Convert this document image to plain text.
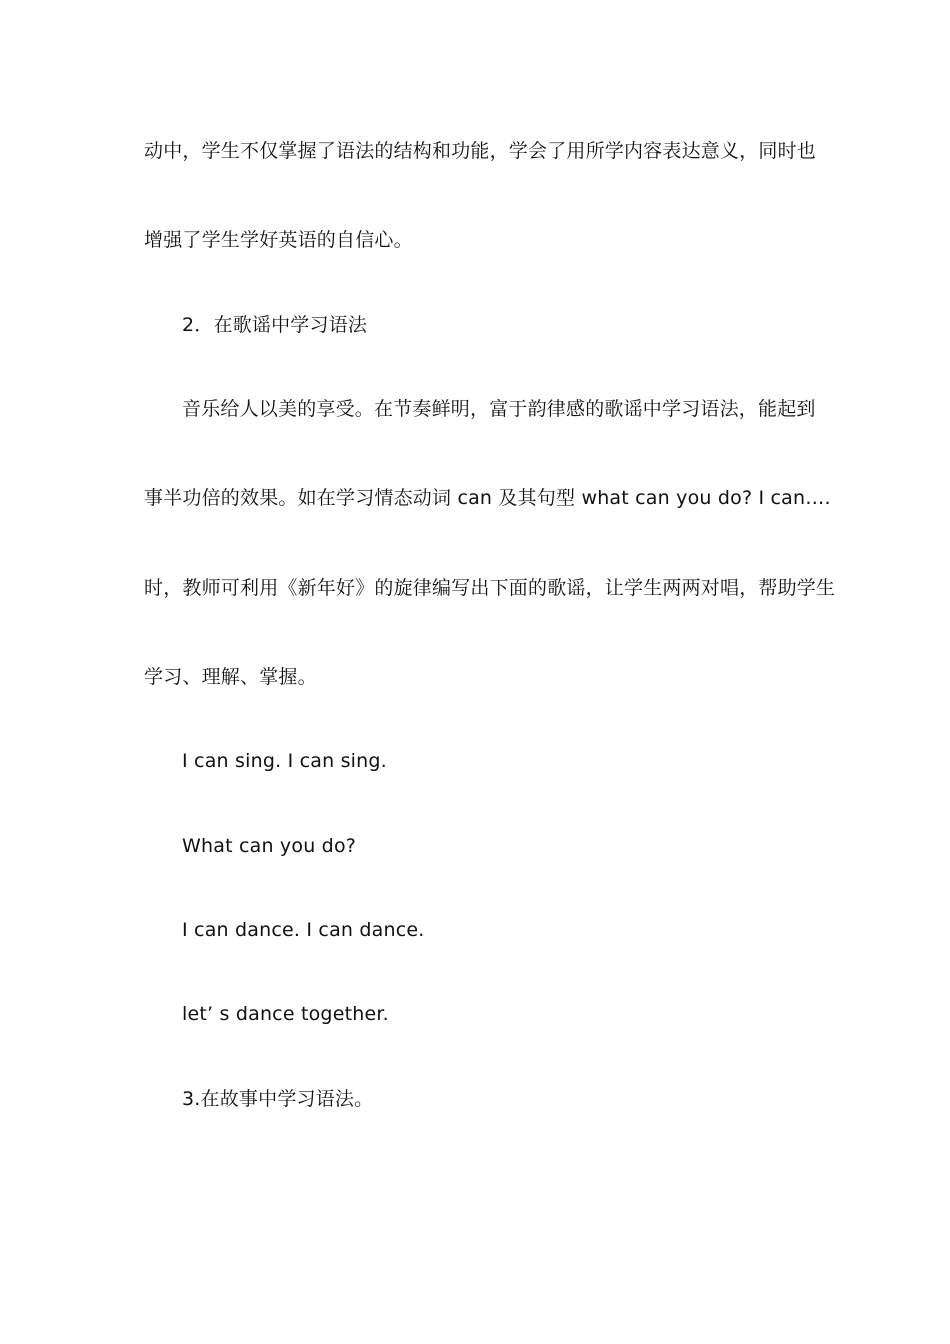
动中，学生不仅掌握了语法的结构和功能，学会了用所学内容表达意义，同时也
增强了学生学好英语的自信心。
2．在歌谣中学习语法
音乐给人以美的享受。在节奏鲜明，富于韵律感的歌谣中学习语法，能起到
事半功倍的效果。如在学习情态动词 can 及其句型 what can you do? I can….
时，教师可利用《新年好》的旋律编写出下面的歌谣，让学生两两对唱，帮助学生
学习、理解、掌握。
I can sing. I can sing.
What can you do?
I can dance. I can dance.
let’ s dance together.
3.在故事中学习语法。
